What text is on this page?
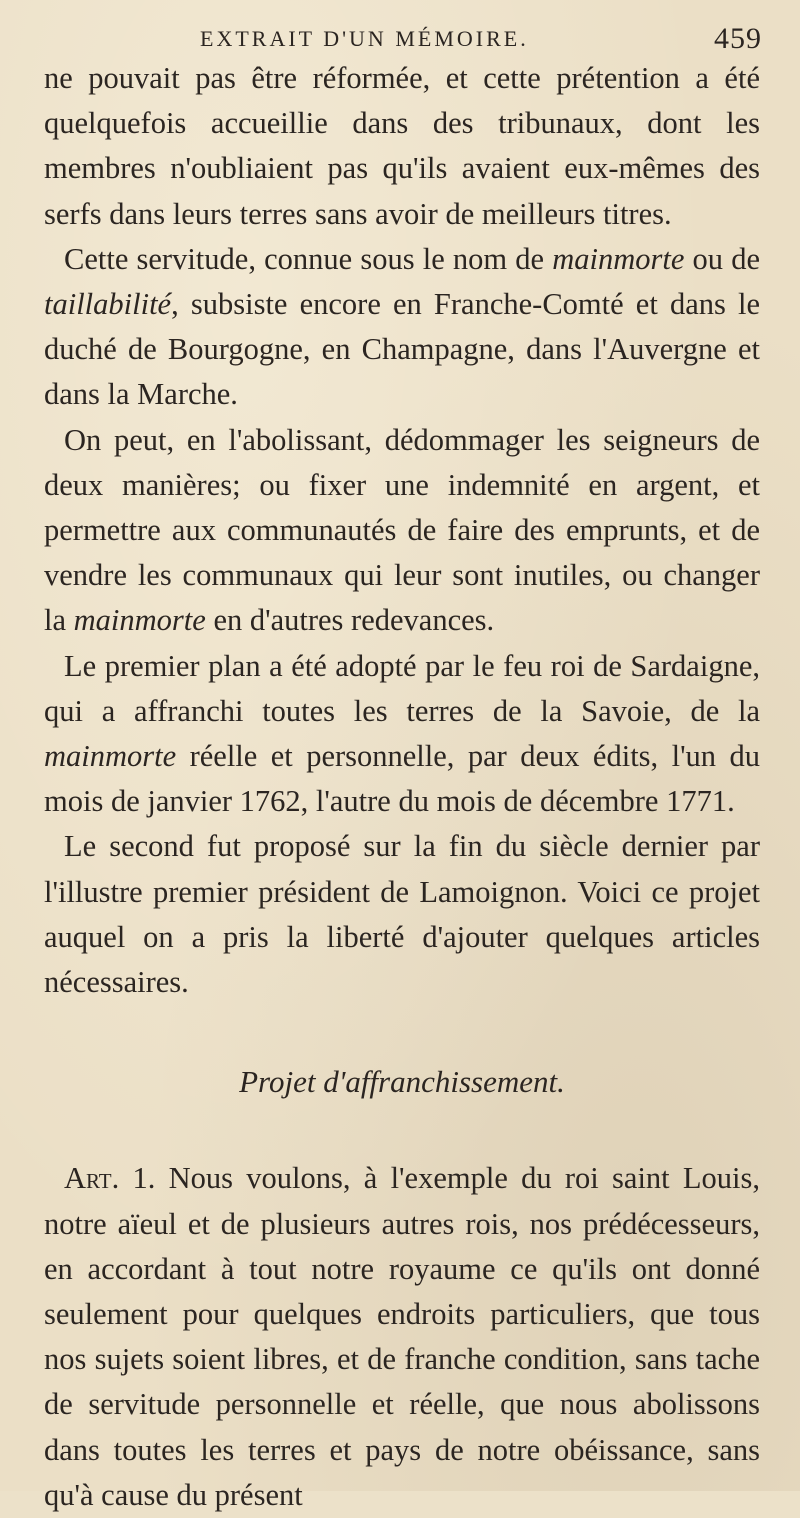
EXTRAIT D'UN MÉMOIRE.	459

ne pouvait pas être réformée, et cette prétention a été quelquefois accueillie dans des tribunaux, dont les membres n'oubliaient pas qu'ils avaient eux-mêmes des serfs dans leurs terres sans avoir de meilleurs titres.

Cette servitude, connue sous le nom de mainmorte ou de taillabilité, subsiste encore en Franche-Comté et dans le duché de Bourgogne, en Champagne, dans l'Auvergne et dans la Marche.

On peut, en l'abolissant, dédommager les seigneurs de deux manières; ou fixer une indemnité en argent, et permettre aux communautés de faire des emprunts, et de vendre les communaux qui leur sont inutiles, ou changer la mainmorte en d'autres redevances.

Le premier plan a été adopté par le feu roi de Sardaigne, qui a affranchi toutes les terres de la Savoie, de la mainmorte réelle et personnelle, par deux édits, l'un du mois de janvier 1762, l'autre du mois de décembre 1771.

Le second fut proposé sur la fin du siècle dernier par l'illustre premier président de Lamoignon. Voici ce projet auquel on a pris la liberté d'ajouter quelques articles nécessaires.

Projet d'affranchissement.

Art. 1. Nous voulons, à l'exemple du roi saint Louis, notre aïeul et de plusieurs autres rois, nos prédécesseurs, en accordant à tout notre royaume ce qu'ils ont donné seulement pour quelques endroits particuliers, que tous nos sujets soient libres, et de franche condition, sans tache de servitude personnelle et réelle, que nous abolissons dans toutes les terres et pays de notre obéissance, sans qu'à cause du présent
